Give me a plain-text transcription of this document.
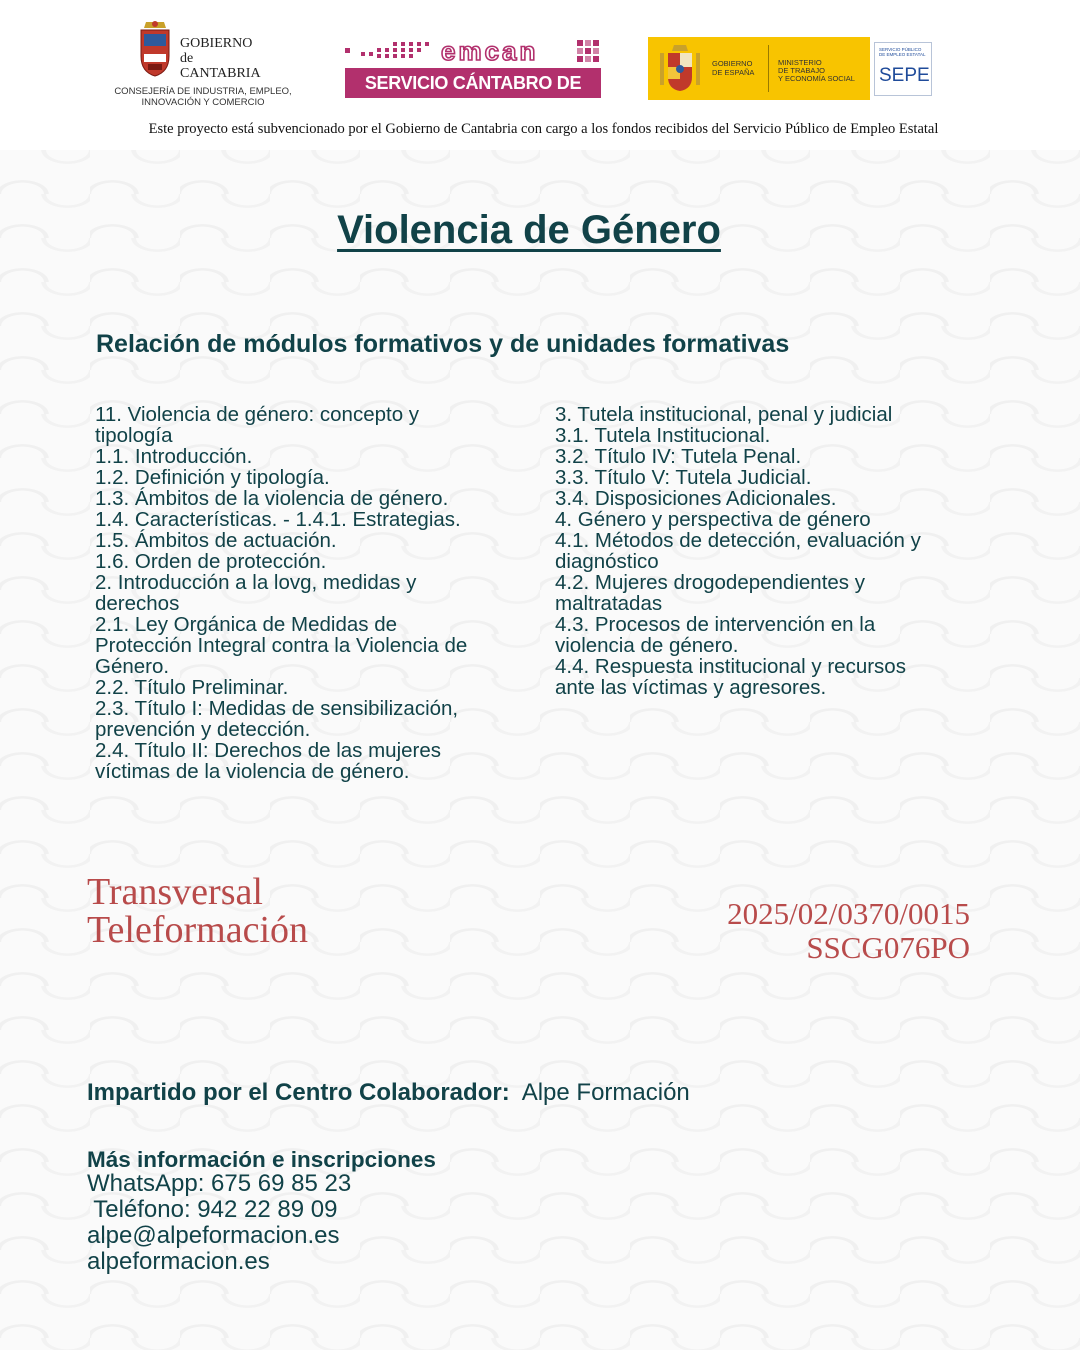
GOBIERNO
de
CANTABRIA
CONSEJERÍA DE INDUSTRIA, EMPLEO,
INNOVACIÓN Y COMERCIO
emcan
SERVICIO CÁNTABRO DE EMPLEO
GOBIERNO
DE ESPAÑA
MINISTERIO
DE TRABAJO
Y ECONOMÍA SOCIAL
SERVICIO PÚBLICO
DE EMPLEO ESTATAL
SEPE
Este proyecto está subvencionado por el Gobierno de Cantabria con cargo a los fondos recibidos del Servicio Público de Empleo Estatal
Violencia de Género
Relación de módulos formativos y de unidades formativas
11. Violencia de género: concepto y
tipología
1.1. Introducción.
1.2. Definición y tipología.
1.3. Ámbitos de la violencia de género.
1.4. Características. - 1.4.1. Estrategias.
1.5. Ámbitos de actuación.
1.6. Orden de protección.
2. Introducción a la lovg, medidas y
derechos
2.1. Ley Orgánica de Medidas de
Protección Integral contra la Violencia de
Género.
2.2. Título Preliminar.
2.3. Título I: Medidas de sensibilización,
prevención y detección.
2.4. Título II: Derechos de las mujeres
víctimas de la violencia de género.
3. Tutela institucional, penal y judicial
3.1. Tutela Institucional.
3.2. Título IV: Tutela Penal.
3.3. Título V: Tutela Judicial.
3.4. Disposiciones Adicionales.
4. Género y perspectiva de género
4.1. Métodos de detección, evaluación y
diagnóstico
4.2. Mujeres drogodependientes y
maltratadas
4.3. Procesos de intervención en la
violencia de género.
4.4. Respuesta institucional y recursos
ante las víctimas y agresores.
Transversal
Teleformación	2025/02/0370/0015
SSCG076PO
Impartido por el Centro Colaborador: Alpe Formación
Más información e inscripciones
WhatsApp: 675 69 85 23
Teléfono: 942 22 89 09
alpe@alpeformacion.es
alpeformacion.es
